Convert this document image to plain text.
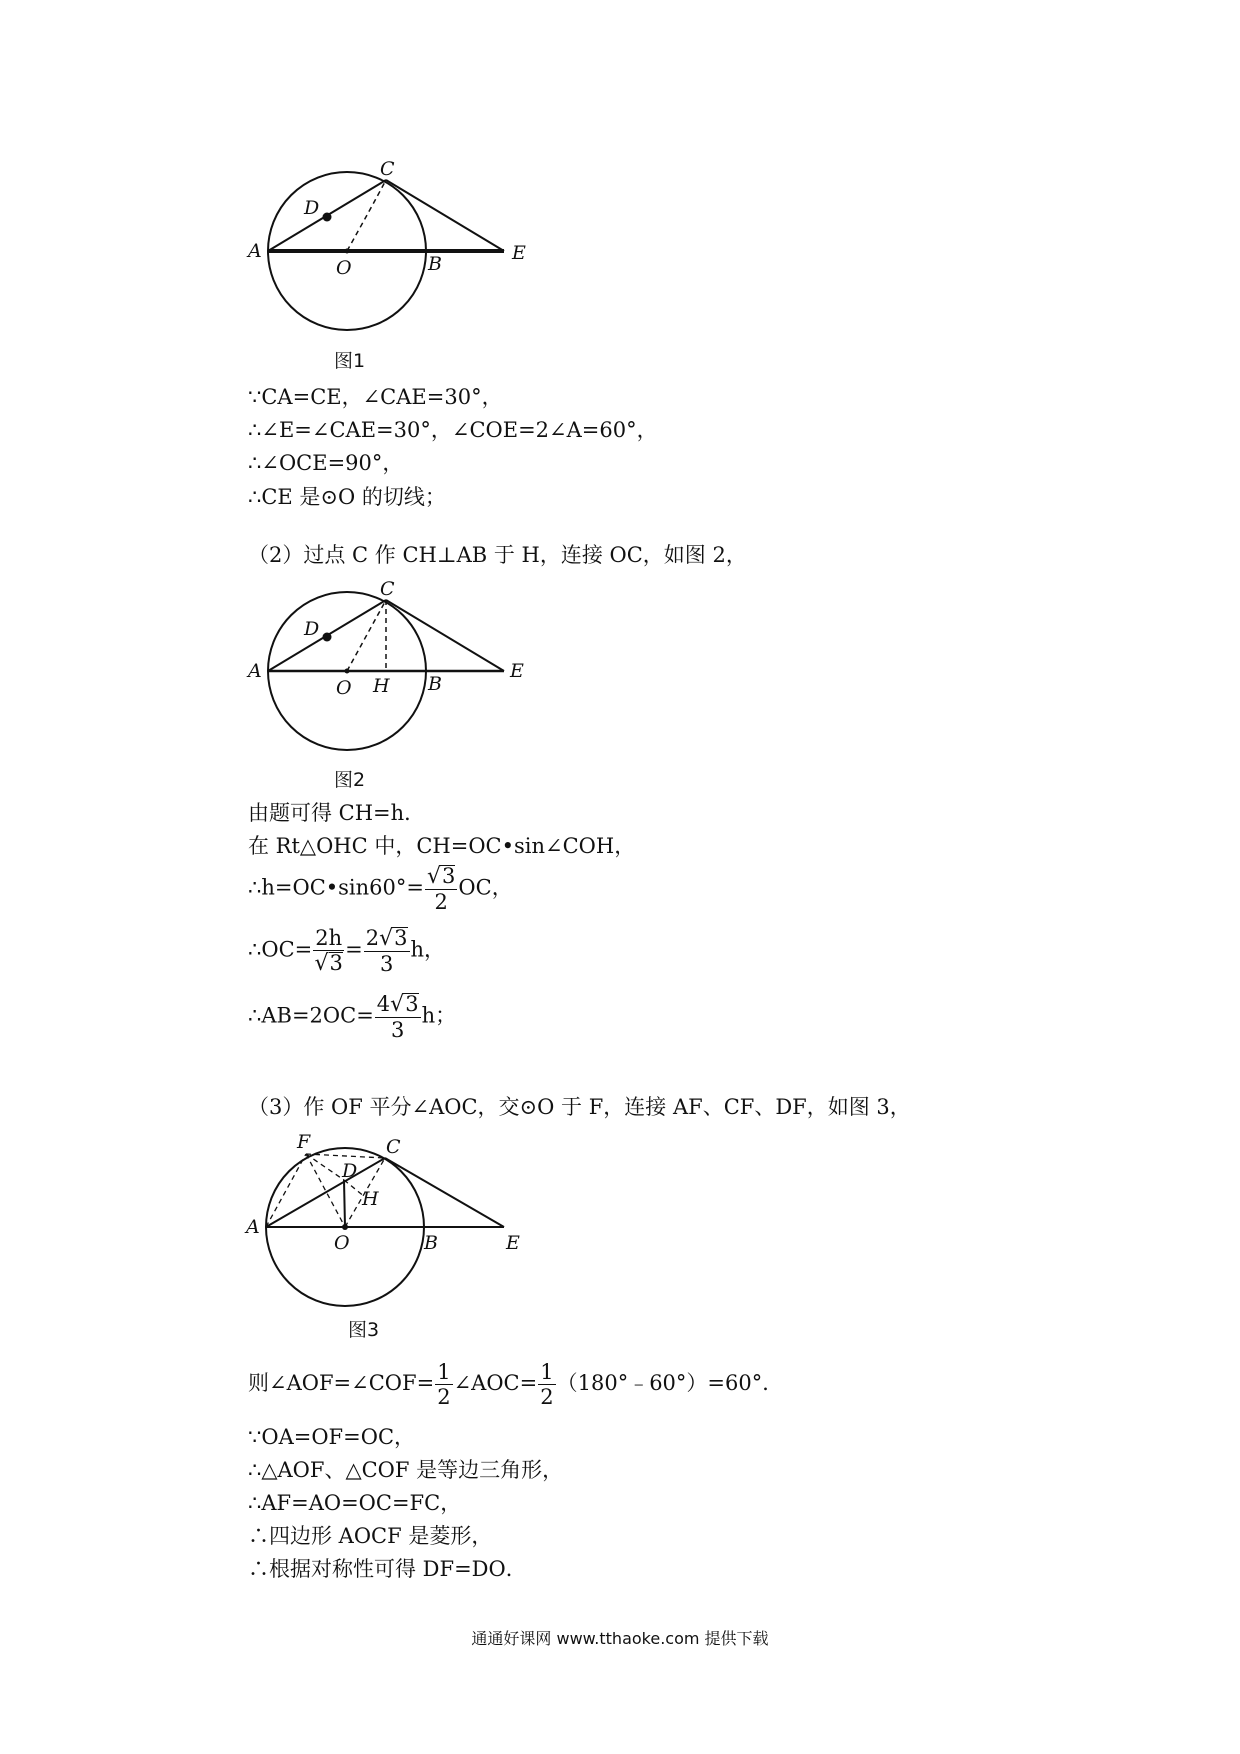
C
D
A
O	B	E
图1
∵CA=CE，∠CAE=30°，
∴∠E=∠CAE=30°，∠COE=2∠A=60°，
∴∠OCE=90°，
∴CE 是⊙O 的切线；
（2）过点 C 作 CH⊥AB 于 H，连接 OC，如图 2，
C
D
A
O H B
E
图2
由题可得 CH=h．
在 Rt△OHC 中，CH=OC•sin∠COH，
∴h=OC•sin60°= $\frac{√3}{2}$ OC，
∴OC= $\frac{2h}{√3} = \frac{2√3}{3}$ h，
∴AB=2OC= $\frac{4√3}{3}$ h；
（3）作 OF 平分∠AOC，交⊙O 于 F，连接 AF、CF、DF，如图 3，
F	C
D
H
A
O	B	E
图3
则∠AOF=∠COF= $\frac{1}{2}$ ∠AOC= $\frac{1}{2}$ （180°﹣60°）=60°．
∵OA=OF=OC，
∴△AOF、△COF 是等边三角形，
∴AF=AO=OC=FC，
∴四边形 AOCF 是菱形，
∴根据对称性可得 DF=DO．
通通好课网 www.tthaoke.com 提供下载
